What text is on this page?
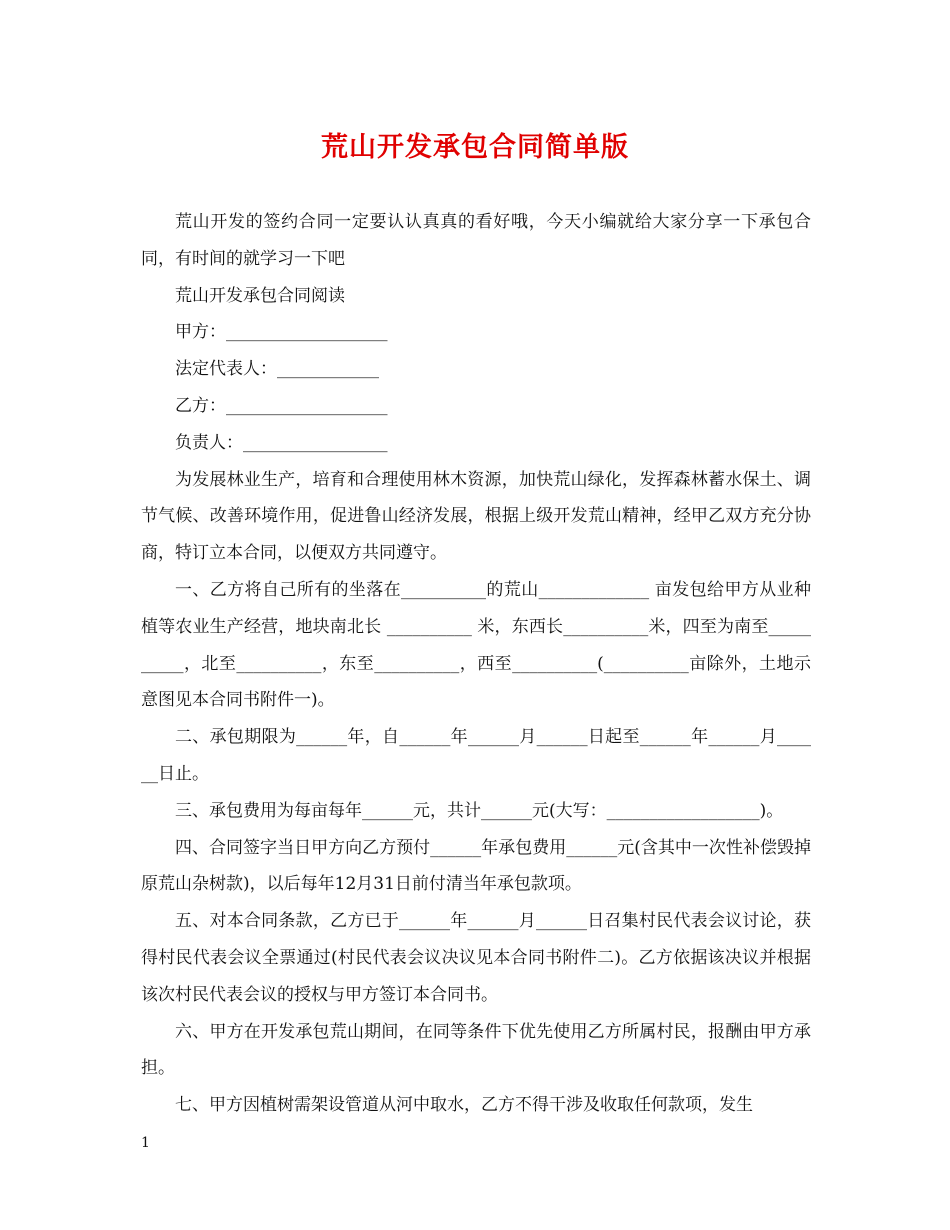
荒山开发承包合同简单版

荒山开发的签约合同一定要认认真真的看好哦，今天小编就给大家分享一下承包合同，有时间的就学习一下吧

荒山开发承包合同阅读

甲方：___________________

法定代表人：____________

乙方：___________________

负责人：_________________

为发展林业生产，培育和合理使用林木资源，加快荒山绿化，发挥森林蓄水保土、调节气候、改善环境作用，促进鲁山经济发展，根据上级开发荒山精神，经甲乙双方充分协商，特订立本合同，以便双方共同遵守。

一、乙方将自己所有的坐落在__________的荒山_____________ 亩发包给甲方从业种植等农业生产经营，地块南北长 __________ 米，东西长__________米，四至为南至__________，北至__________，东至__________，西至__________(__________亩除外，土地示意图见本合同书附件一)。

二、承包期限为______年，自______年______月______日起至______年______月______日止。

三、承包费用为每亩每年______元，共计______元(大写：__________________)。

四、合同签字当日甲方向乙方预付______年承包费用______元(含其中一次性补偿毁掉原荒山杂树款)，以后每年12月31日前付清当年承包款项。

五、对本合同条款，乙方已于______年______月______日召集村民代表会议讨论，获得村民代表会议全票通过(村民代表会议决议见本合同书附件二)。乙方依据该决议并根据该次村民代表会议的授权与甲方签订本合同书。

六、甲方在开发承包荒山期间，在同等条件下优先使用乙方所属村民，报酬由甲方承担。

七、甲方因植树需架设管道从河中取水，乙方不得干涉及收取任何款项，发生

1
